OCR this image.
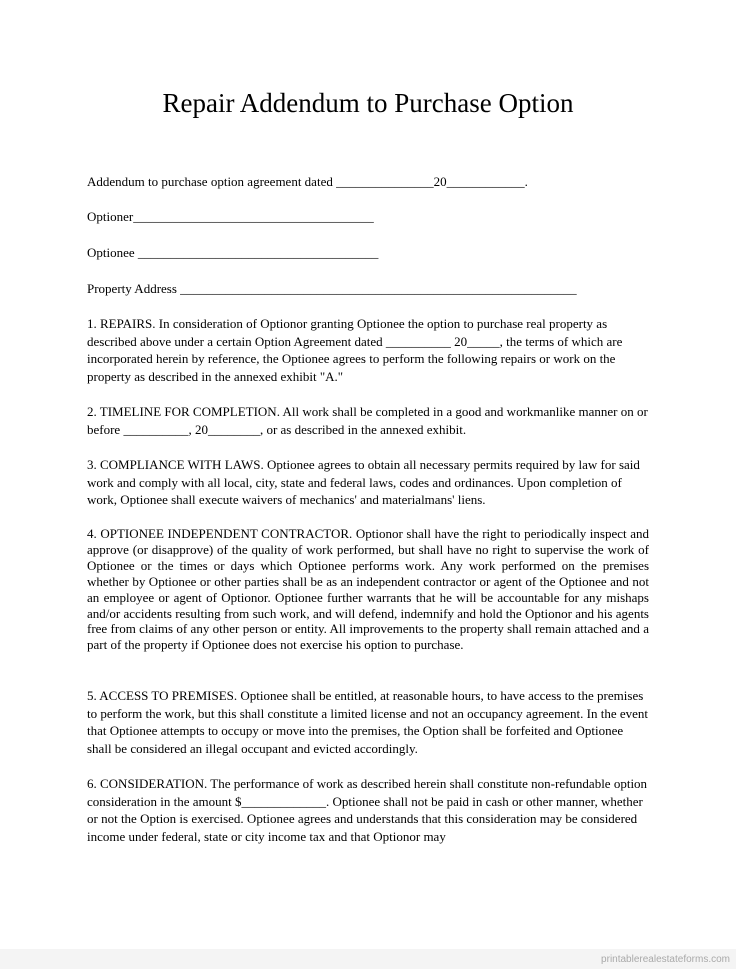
Repair Addendum to Purchase Option
Addendum to purchase option agreement dated _______________20____________.
Optioner_____________________________________
Optionee _____________________________________
Property Address _____________________________________________________________
1. REPAIRS. In consideration of Optionor granting Optionee the option to purchase real property as described above under a certain Option Agreement dated __________ 20_____, the terms of which are incorporated herein by reference, the Optionee agrees to perform the following repairs or work on the property as described in the annexed exhibit "A."
2. TIMELINE FOR COMPLETION. All work shall be completed in a good and workmanlike manner on or before __________, 20________, or as described in the annexed exhibit.
3. COMPLIANCE WITH LAWS. Optionee agrees to obtain all necessary permits required by law for said work and comply with all local, city, state and federal laws, codes and ordinances. Upon completion of work, Optionee shall execute waivers of mechanics' and materialmans' liens.
4. OPTIONEE INDEPENDENT CONTRACTOR. Optionor shall have the right to periodically inspect and approve (or disapprove) of the quality of work performed, but shall have no right to supervise the work of Optionee or the times or days which Optionee performs work. Any work performed on the premises whether by Optionee or other parties shall be as an independent contractor or agent of the Optionee and not an employee or agent of Optionor. Optionee further warrants that he will be accountable for any mishaps and/or accidents resulting from such work, and will defend, indemnify and hold the Optionor and his agents free from claims of any other person or entity. All improvements to the property shall remain attached and a part of the property if Optionee does not exercise his option to purchase.
5. ACCESS TO PREMISES. Optionee shall be entitled, at reasonable hours, to have access to the premises to perform the work, but this shall constitute a limited license and not an occupancy agreement. In the event that Optionee attempts to occupy or move into the premises, the Option shall be forfeited and Optionee shall be considered an illegal occupant and evicted accordingly.
6. CONSIDERATION. The performance of work as described herein shall constitute non-refundable option consideration in the amount $_____________. Optionee shall not be paid in cash or other manner, whether or not the Option is exercised. Optionee agrees and understands that this consideration may be considered income under federal, state or city income tax and that Optionor may
printablerealestateforms.com
